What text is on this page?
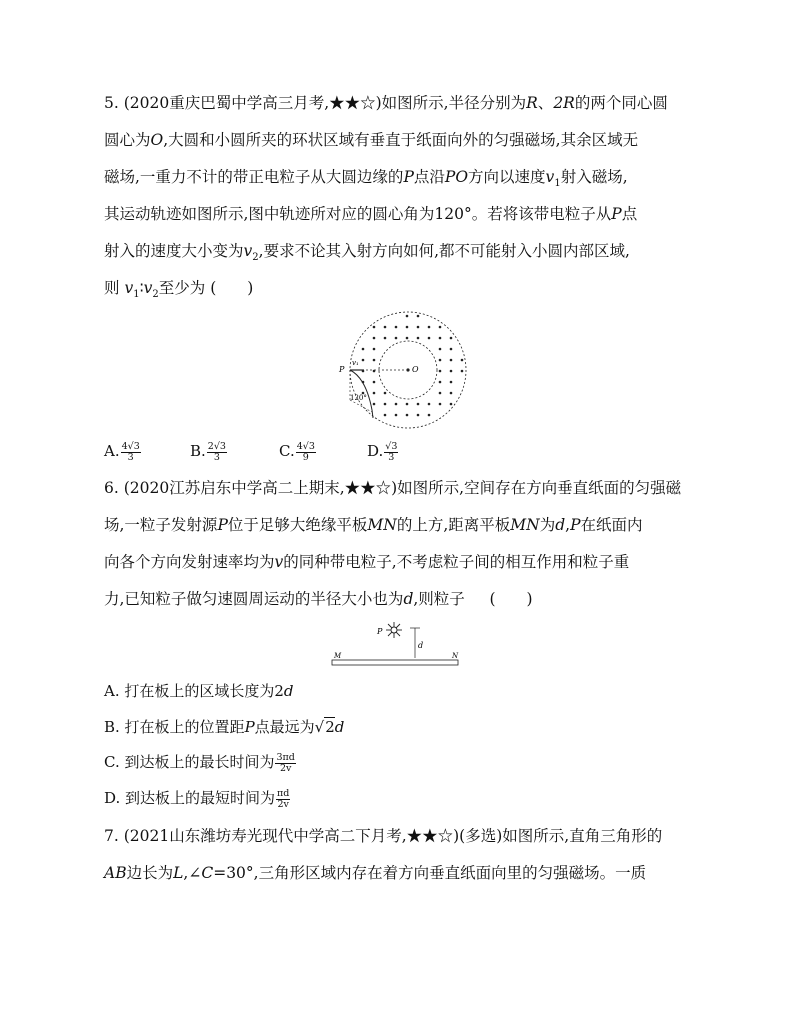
5. (2020重庆巴蜀中学高三月考,★★☆)如图所示,半径分别为R、2R的两个同心圆
圆心为O,大圆和小圆所夹的环状区域有垂直于纸面向外的匀强磁场,其余区域无
磁场,一重力不计的带正电粒子从大圆边缘的P点沿PO方向以速度$v_1$射入磁场,
其运动轨迹如图所示,图中轨迹所对应的圆心角为120°。若将该带电粒子从P点
射入的速度大小变为$v_2$,要求不论其入射方向如何,都不可能射入小圆内部区域,
则 $v_1∶v_2$至少为 (　　)
O
P
v₁
120°
A. $\frac{4√3}{3}$	B. $\frac{2√3}{3}$	C. $\frac{4√3}{9}$	D. $\frac{√3}{3}$
6. (2020江苏启东中学高二上期末,★★☆)如图所示,空间存在方向垂直纸面的匀强磁
场,一粒子发射源P位于足够大绝缘平板MN的上方,距离平板MN为d,P在纸面内
向各个方向发射速率均为v的同种带电粒子,不考虑粒子间的相互作用和粒子重
力,已知粒子做匀速圆周运动的半径大小也为d,则粒子 (　　)
P
d
M	N
A. 打在板上的区域长度为2d
B. 打在板上的位置距P点最远为√2d
C. 到达板上的最长时间为 $\frac{3\pi d}{2v}$
D. 到达板上的最短时间为 $\frac{\pi d}{2v}$
7. (2021山东潍坊寿光现代中学高二下月考,★★☆)(多选)如图所示,直角三角形的
AB边长为L,∠C=30°,三角形区域内存在着方向垂直纸面向里的匀强磁场。一质
